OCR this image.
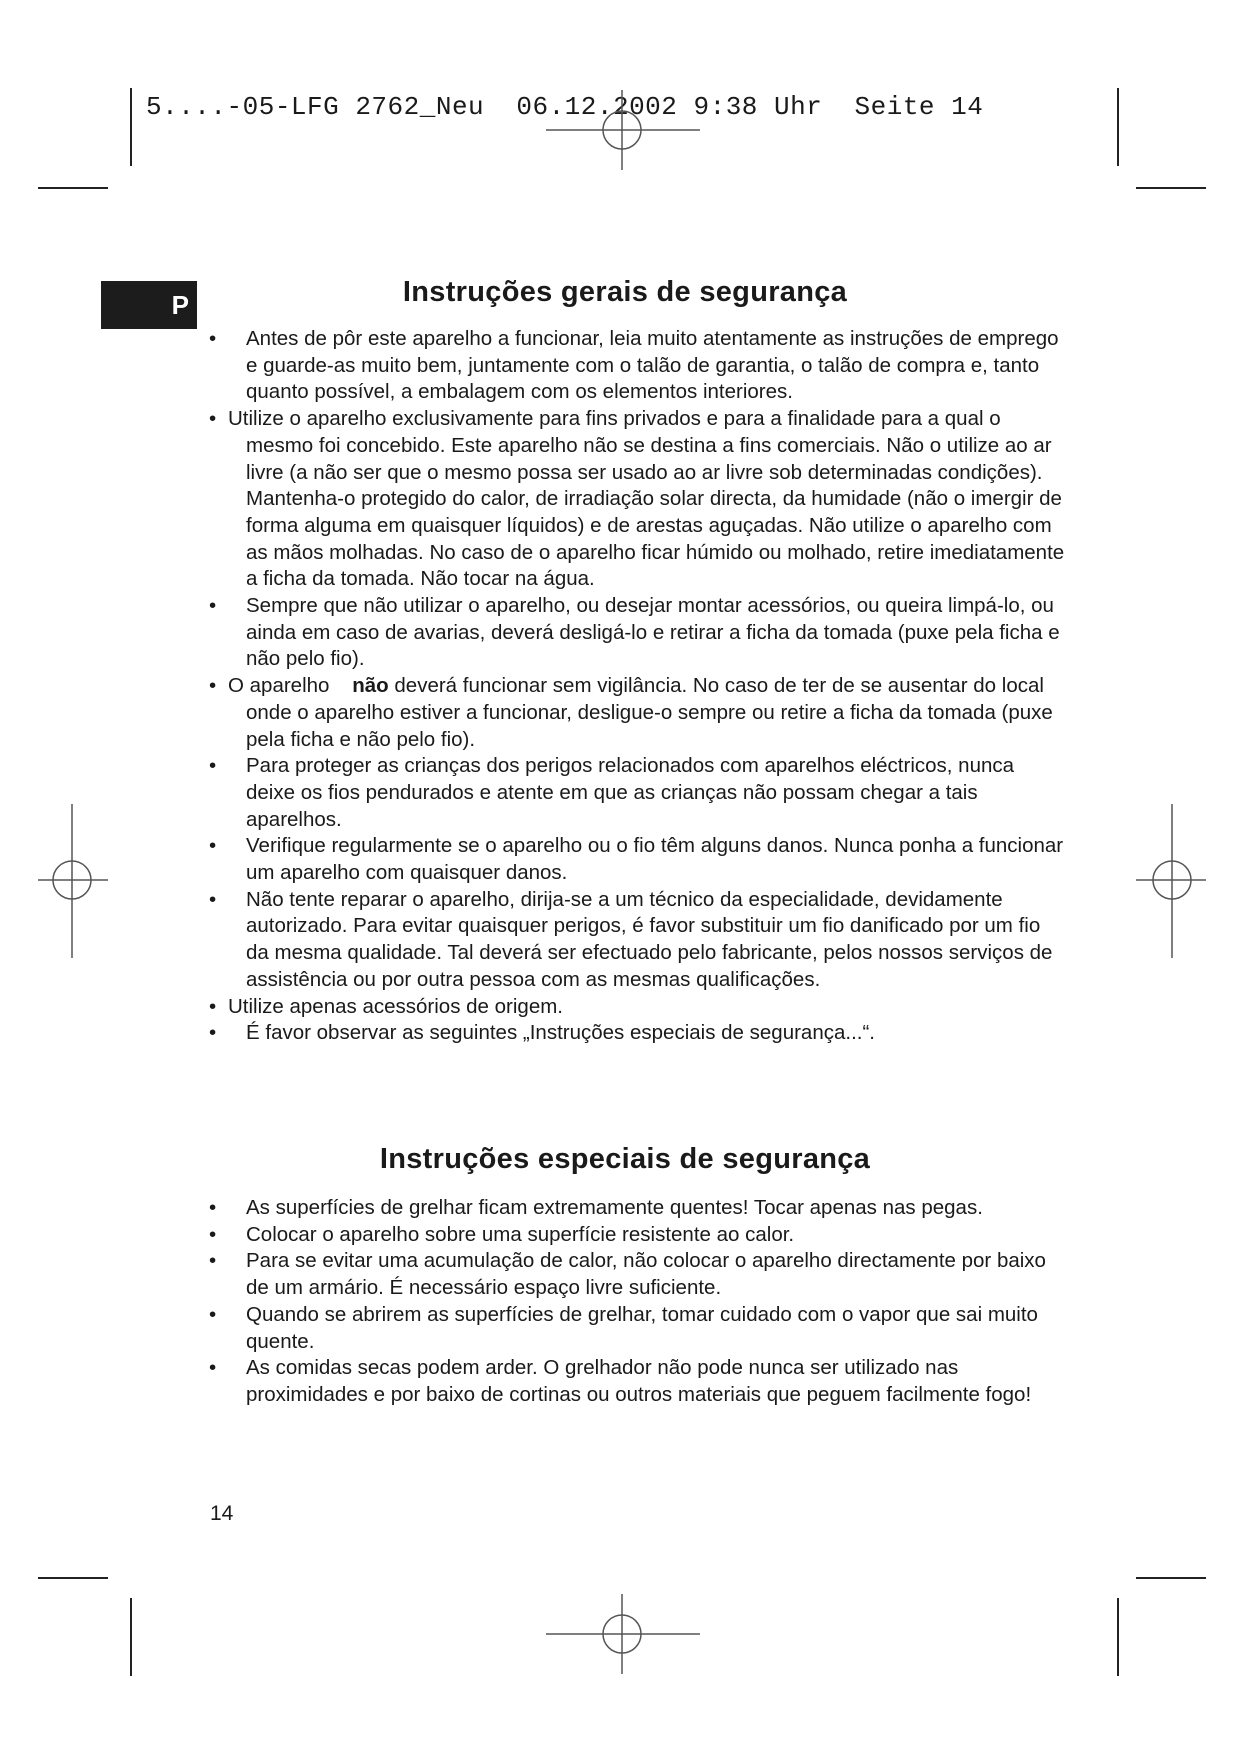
5....-05-LFG 2762_Neu  06.12.2002 9:38 Uhr  Seite 14
P	Instruções gerais de segurança
• Antes de pôr este aparelho a funcionar, leia muito atentamente as instruções de emprego e guarde-as muito bem, juntamente com o talão de garantia, o talão de compra e, tanto quanto possível, a embalagem com os elementos interiores.
• Utilize o aparelho exclusivamente para fins privados e para a finalidade para a qual o mesmo foi concebido. Este aparelho não se destina a fins comerciais. Não o utilize ao ar livre (a não ser que o mesmo possa ser usado ao ar livre sob determinadas condições). Mantenha-o protegido do calor, de irradiação solar directa, da humidade (não o imergir de forma alguma em quaisquer líquidos) e de arestas aguçadas. Não utilize o aparelho com as mãos molhadas. No caso de o aparelho ficar húmido ou molhado, retire imediatamente a ficha da tomada. Não tocar na água.
• Sempre que não utilizar o aparelho, ou desejar montar acessórios, ou queira limpá-lo, ou ainda em caso de avarias, deverá desligá-lo e retirar a ficha da tomada (puxe pela ficha e não pelo fio).
• O aparelho não deverá funcionar sem vigilância. No caso de ter de se ausentar do local onde o aparelho estiver a funcionar, desligue-o sempre ou retire a ficha da tomada (puxe pela ficha e não pelo fio).
• Para proteger as crianças dos perigos relacionados com aparelhos eléctricos, nunca deixe os fios pendurados e atente em que as crianças não possam chegar a tais aparelhos.
• Verifique regularmente se o aparelho ou o fio têm alguns danos. Nunca ponha a funcionar um aparelho com quaisquer danos.
• Não tente reparar o aparelho, dirija-se a um técnico da especialidade, devidamente autorizado. Para evitar quaisquer perigos, é favor substituir um fio danificado por um fio da mesma qualidade. Tal deverá ser efectuado pelo fabricante, pelos nossos serviços de assistência ou por outra pessoa com as mesmas qualificações.
• Utilize apenas acessórios de origem.
• É favor observar as seguintes „Instruções especiais de segurança...“.
Instruções especiais de segurança
• As superfícies de grelhar ficam extremamente quentes! Tocar apenas nas pegas.
• Colocar o aparelho sobre uma superfície resistente ao calor.
• Para se evitar uma acumulação de calor, não colocar o aparelho directamente por baixo de um armário. É necessário espaço livre suficiente.
• Quando se abrirem as superfícies de grelhar, tomar cuidado com o vapor que sai muito quente.
• As comidas secas podem arder. O grelhador não pode nunca ser utilizado nas proximidades e por baixo de cortinas ou outros materiais que peguem facilmente fogo!
14
